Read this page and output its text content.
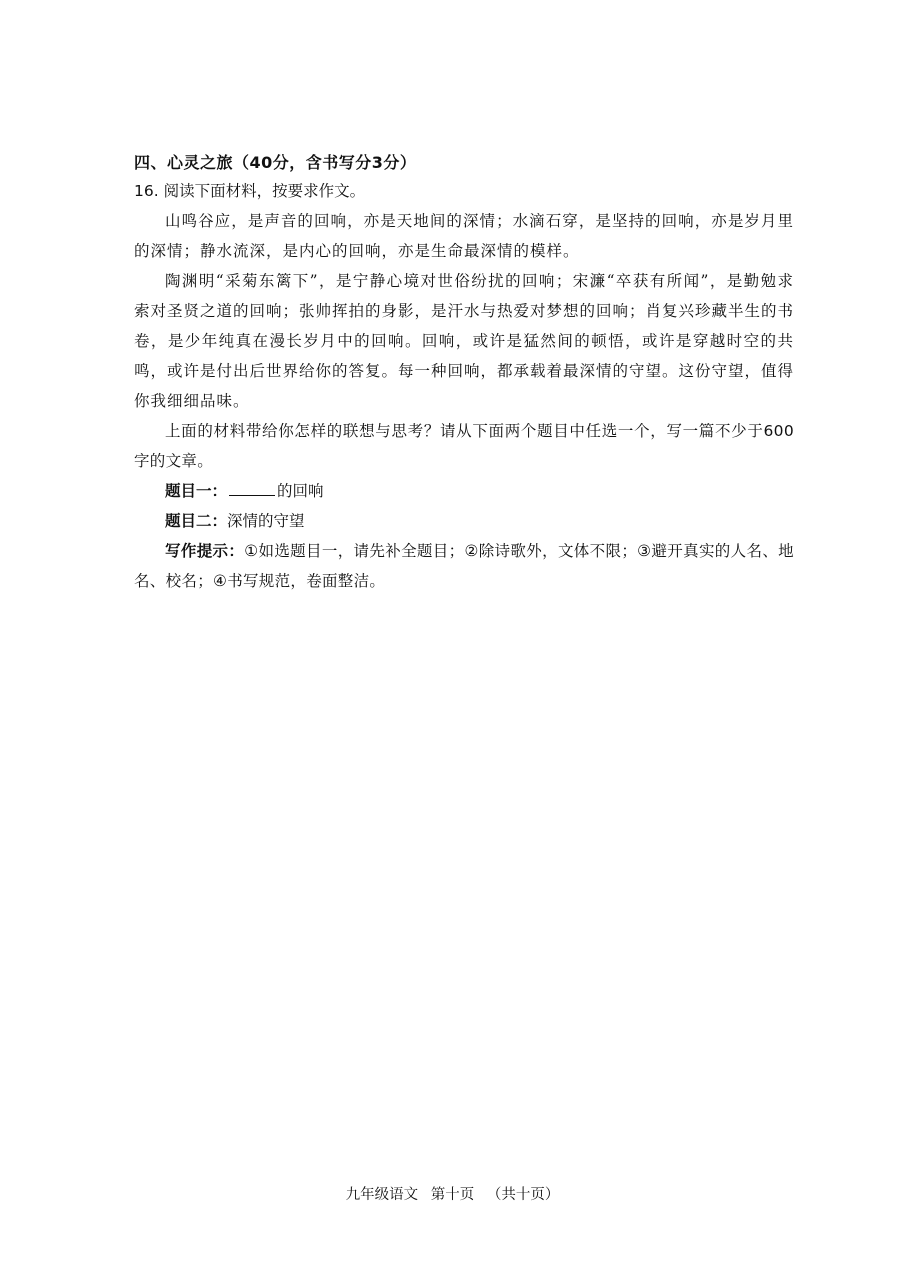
四、心灵之旅（40分，含书写分3分）

16. 阅读下面材料，按要求作文。

山鸣谷应，是声音的回响，亦是天地间的深情；水滴石穿，是坚持的回响，亦是岁月里的深情；静水流深，是内心的回响，亦是生命最深情的模样。

陶渊明“采菊东篱下”，是宁静心境对世俗纷扰的回响；宋濂“卒获有所闻”，是勤勉求索对圣贤之道的回响；张帅挥拍的身影，是汗水与热爱对梦想的回响；肖复兴珍藏半生的书卷，是少年纯真在漫长岁月中的回响。回响，或许是猛然间的顿悟，或许是穿越时空的共鸣，或许是付出后世界给你的答复。每一种回响，都承载着最深情的守望。这份守望，值得你我细细品味。

上面的材料带给你怎样的联想与思考？请从下面两个题目中任选一个，写一篇不少于600字的文章。

题目一：	的回响

题目二：深情的守望

写作提示：①如选题目一，请先补全题目；②除诗歌外，文体不限；③避开真实的人名、地名、校名；④书写规范，卷面整洁。

九年级语文 第十页 （共十页）
